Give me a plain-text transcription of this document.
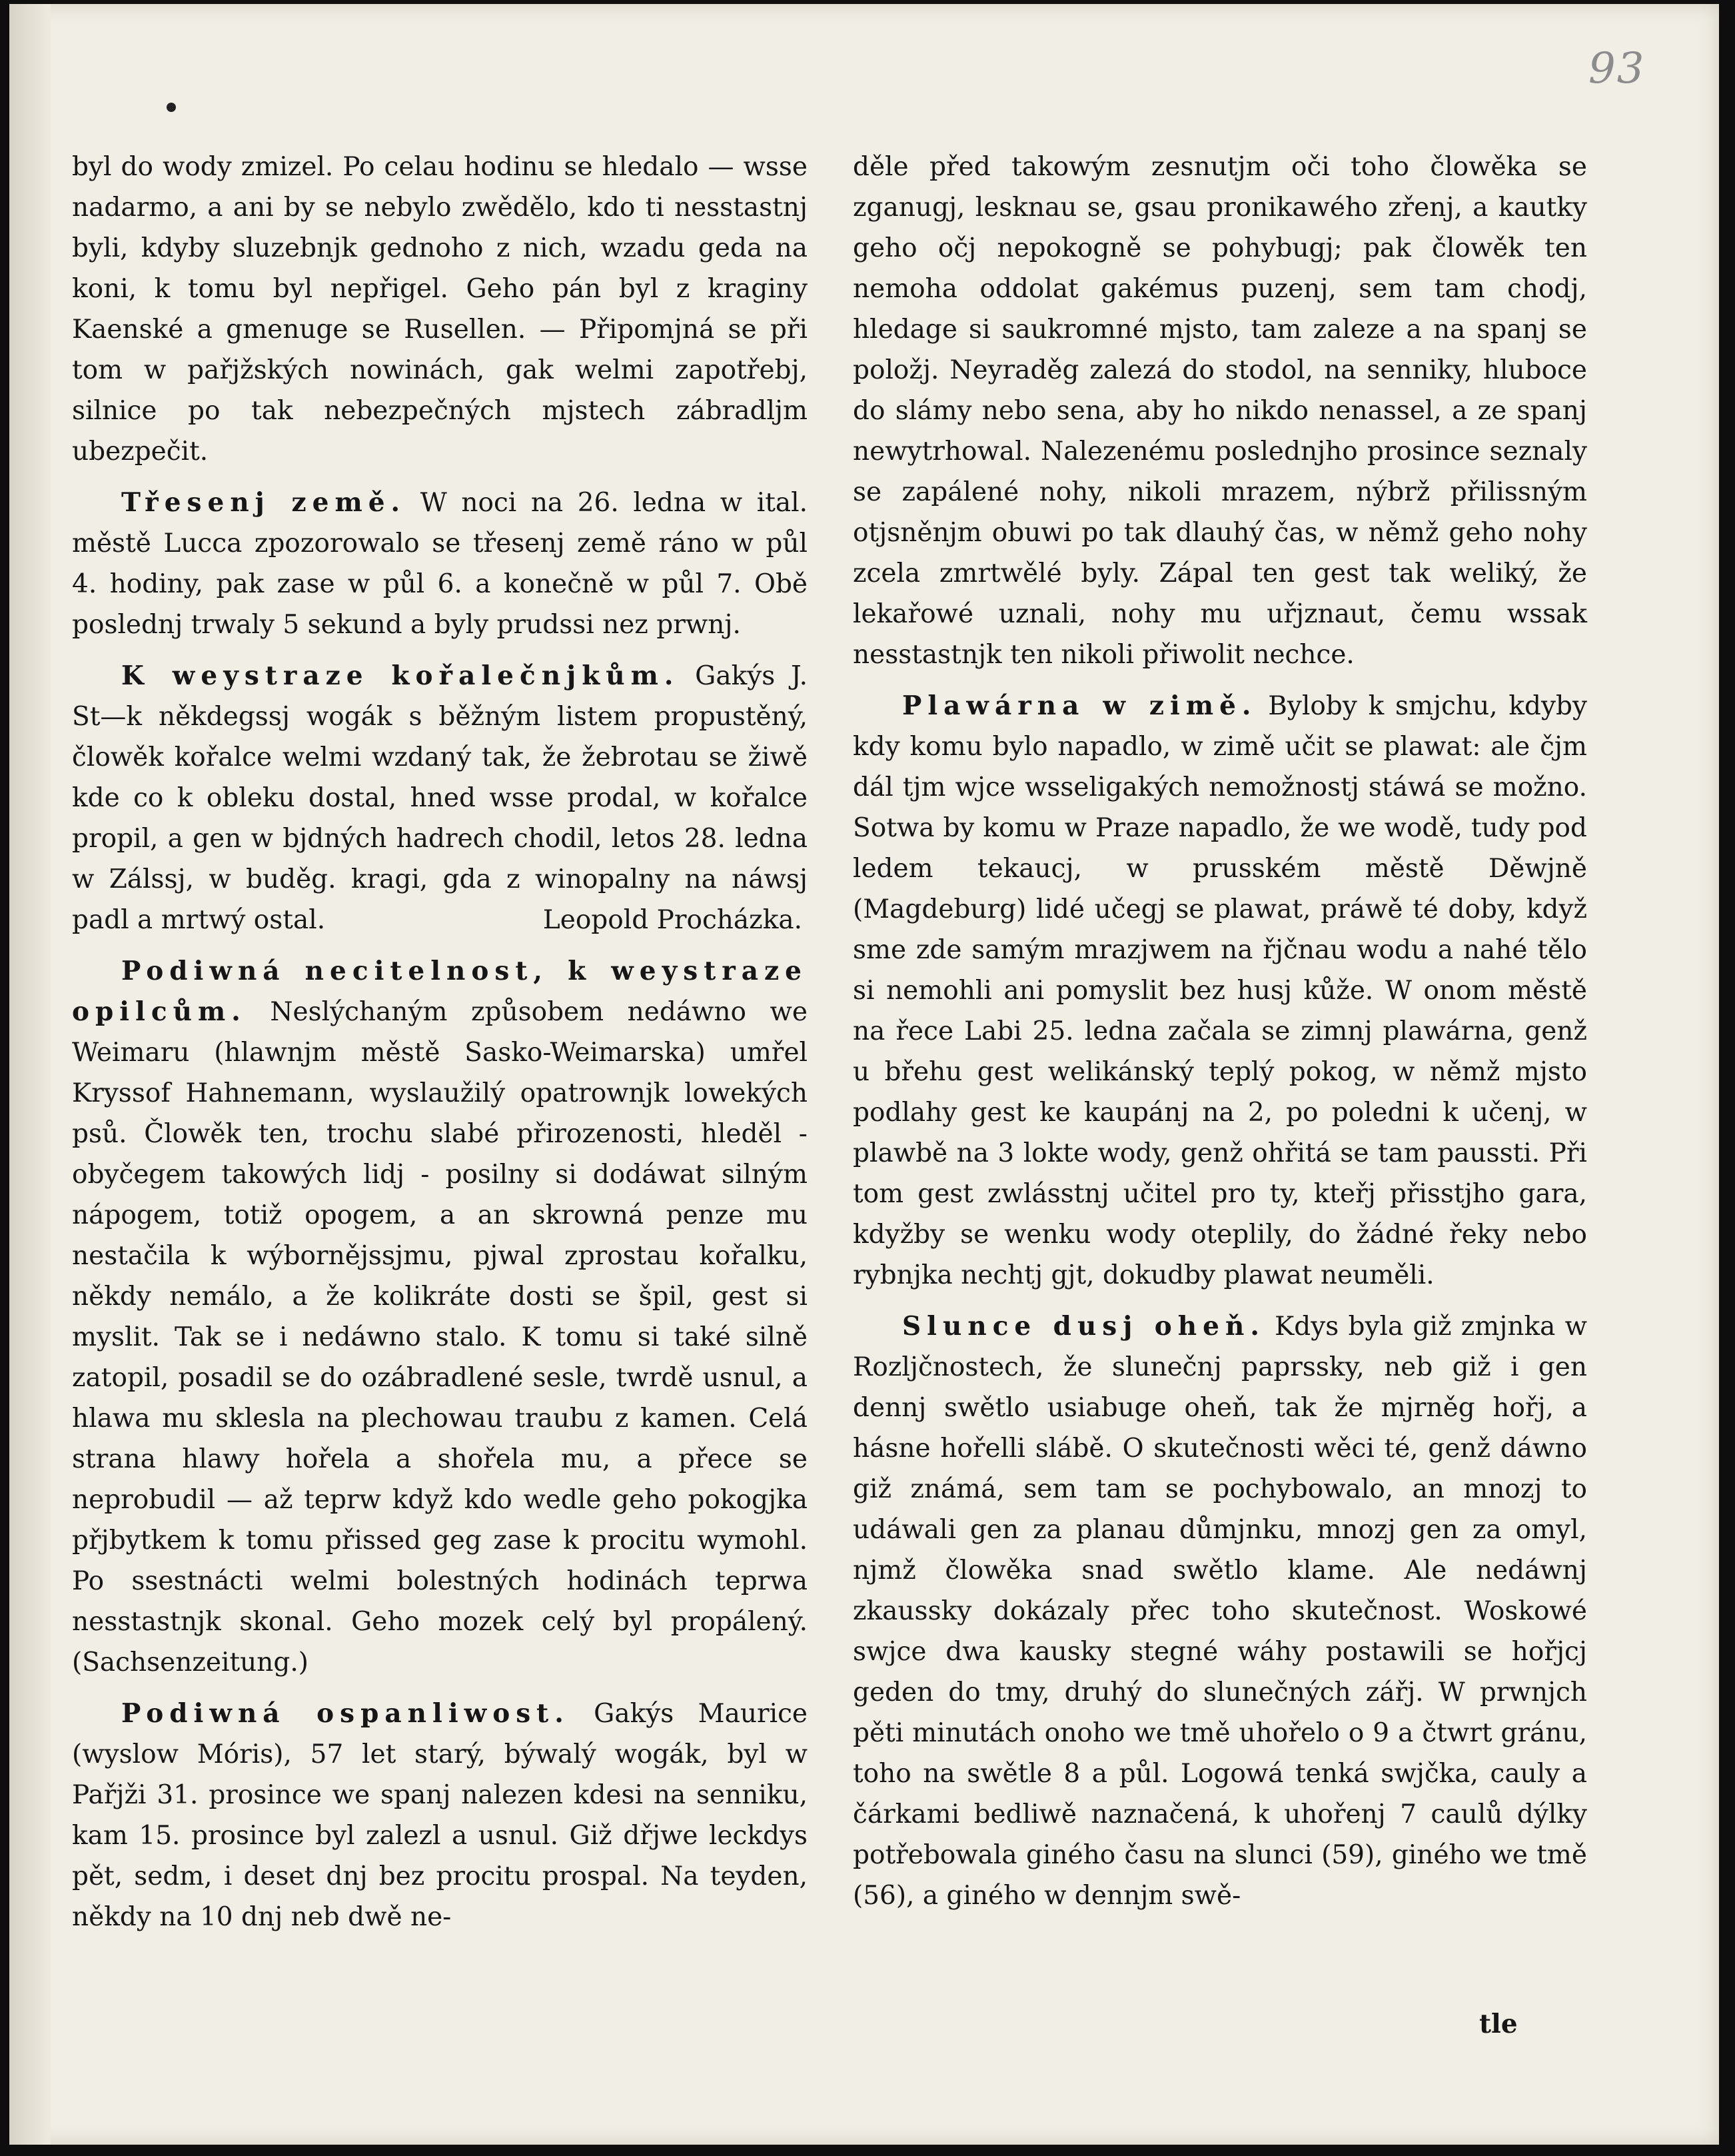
93

byl do wody zmizel. Po celau hodinu se hledalo — wsse nadarmo, a ani by se nebylo zwědělo, kdo ti nesstastnj byli, kdyby sluzebnjk gednoho z nich, wzadu geda na koni, k tomu byl nepřigel. Geho pán byl z kraginy Kaenské a gmenuge se Rusellen. — Připomjná se při tom w pařjžských nowinách, gak welmi zapotřebj, silnice po tak nebezpečných mjstech zábradljm ubezpečit.

Třesenj země. W noci na 26. ledna w ital. městě Lucca zpozorowalo se třesenj země ráno w půl 4. hodiny, pak zase w půl 6. a konečně w půl 7. Obě poslednj trwaly 5 sekund a byly prudssi nez prwnj.

K weystraze kořalečnjkům. Gakýs J. St—k někdegssj wogák s běžným listem propustěný, člowěk kořalce welmi wzdaný tak, že žebrotau se žiwě kde co k obleku dostal, hned wsse prodal, w kořalce propil, a gen w bjdných hadrech chodil, letos 28. ledna w Zálssj, w buděg. kragi, gda z winopalny na náwsj padl a mrtwý ostal.	Leopold Procházka.

Podiwná necitelnost, k weystraze opilcům. Neslýchaným způsobem nedáwno we Weimaru (hlawnjm městě Sasko-Weimarska) umřel Kryssof Hahnemann, wyslaužilý opatrownjk lowekých psů. Člowěk ten, trochu slabé přirozenosti, hleděl - obyčegem takowých lidj - posilny si dodáwat silným nápogem, totiž opogem, a an skrowná penze mu nestačila k wýbornějssjmu, pjwal zprostau kořalku, někdy nemálo, a že kolikráte dosti se špil, gest si myslit. Tak se i nedáwno stalo. K tomu si také silně zatopil, posadil se do ozábradlené sesle, twrdě usnul, a hlawa mu sklesla na plechowau traubu z kamen. Celá strana hlawy hořela a shořela mu, a přece se neprobudil — až teprw když kdo wedle geho pokogjka přjbytkem k tomu přissed geg zase k procitu wymohl. Po ssestnácti welmi bolestných hodinách teprwa nesstastnjk skonal. Geho mozek celý byl propálený. (Sachsenzeitung.)

Podiwná ospanliwost. Gakýs Maurice (wyslow Móris), 57 let starý, býwalý wogák, byl w Pařjži 31. prosince we spanj nalezen kdesi na senniku, kam 15. prosince byl zalezl a usnul. Giž dřjwe leckdys pět, sedm, i deset dnj bez procitu prospal. Na teyden, někdy na 10 dnj neb dwě ne-

děle před takowým zesnutjm oči toho člowěka se zganugj, lesknau se, gsau pronikawého zřenj, a kautky geho očj nepokogně se pohybugj; pak člowěk ten nemoha oddolat gakémus puzenj, sem tam chodj, hledage si saukromné mjsto, tam zaleze a na spanj se položj. Neyraděg zalezá do stodol, na senniky, hluboce do slámy nebo sena, aby ho nikdo nenassel, a ze spanj newytrhowal. Nalezenému poslednjho prosince seznaly se zapálené nohy, nikoli mrazem, nýbrž přilissným otjsněnjm obuwi po tak dlauhý čas, w němž geho nohy zcela zmrtwělé byly. Zápal ten gest tak weliký, že lekařowé uznali, nohy mu uřjznaut, čemu wssak nesstastnjk ten nikoli přiwolit nechce.

Plawárna w zimě. Byloby k smjchu, kdyby kdy komu bylo napadlo, w zimě učit se plawat: ale čjm dál tjm wjce wsseligakých nemožnostj stáwá se možno. Sotwa by komu w Praze napadlo, že we wodě, tudy pod ledem tekaucj, w prusském městě Děwjně (Magdeburg) lidé učegj se plawat, práwě té doby, když sme zde samým mrazjwem na řjčnau wodu a nahé tělo si nemohli ani pomyslit bez husj kůže. W onom městě na řece Labi 25. ledna začala se zimnj plawárna, genž u břehu gest welikánský teplý pokog, w němž mjsto podlahy gest ke kaupánj na 2, po poledni k učenj, w plawbě na 3 lokte wody, genž ohřitá se tam paussti. Při tom gest zwlásstnj učitel pro ty, kteřj přisstjho gara, kdyžby se wenku wody oteplily, do žádné řeky nebo rybnjka nechtj gjt, dokudby plawat neuměli.

Slunce dusj oheň. Kdys byla giž zmjnka w Rozljčnostech, že slunečnj paprssky, neb giž i gen dennj swětlo usiabuge oheň, tak že mjrněg hořj, a hásne hořelli slábě. O skutečnosti wěci té, genž dáwno giž známá, sem tam se pochybowalo, an mnozj to udáwali gen za planau důmjnku, mnozj gen za omyl, njmž člowěka snad swětlo klame. Ale nedáwnj zkaussky dokázaly přec toho skutečnost. Woskowé swjce dwa kausky stegné wáhy postawili se hořjcj geden do tmy, druhý do slunečných zářj. W prwnjch pěti minutách onoho we tmě uhořelo o 9 a čtwrt gránu, toho na swětle 8 a půl. Logowá tenká swjčka, cauly a čárkami bedliwě naznačená, k uhořenj 7 caulů dýlky potřebowala giného času na slunci (59), giného we tmě (56), a giného w dennjm swě-

tle
